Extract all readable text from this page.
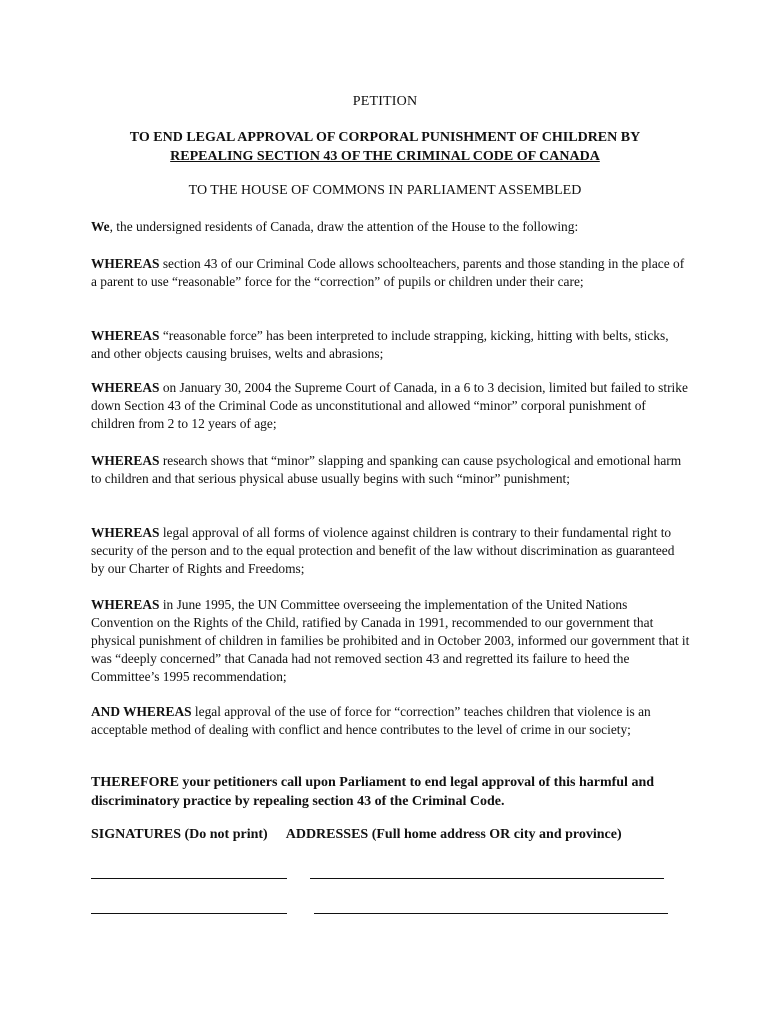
PETITION
TO END LEGAL APPROVAL OF CORPORAL PUNISHMENT OF CHILDREN BY
REPEALING SECTION 43 OF THE CRIMINAL CODE OF CANADA
TO THE HOUSE OF COMMONS IN PARLIAMENT ASSEMBLED

We, the undersigned residents of Canada, draw the attention of the House to the following:

WHEREAS section 43 of our Criminal Code allows schoolteachers, parents and those standing in the place of a parent to use “reasonable” force for the “correction” of pupils or children under their care;

WHEREAS “reasonable force” has been interpreted to include strapping, kicking, hitting with belts, sticks, and other objects causing bruises, welts and abrasions;

WHEREAS on January 30, 2004 the Supreme Court of Canada, in a 6 to 3 decision, limited but failed to strike down Section 43 of the Criminal Code as unconstitutional and allowed “minor” corporal punishment of children from 2 to 12 years of age;

WHEREAS research shows that “minor” slapping and spanking can cause psychological and emotional harm to children and that serious physical abuse usually begins with such “minor” punishment;

WHEREAS legal approval of all forms of violence against children is contrary to their fundamental right to security of the person and to the equal protection and benefit of the law without discrimination as guaranteed by our Charter of Rights and Freedoms;

WHEREAS in June 1995, the UN Committee overseeing the implementation of the United Nations Convention on the Rights of the Child, ratified by Canada in 1991, recommended to our government that physical punishment of children in families be prohibited and in October 2003, informed our government that it was “deeply concerned” that Canada had not removed section 43 and regretted its failure to heed the Committee’s 1995 recommendation;

AND WHEREAS legal approval of the use of force for “correction” teaches children that violence is an acceptable method of dealing with conflict and hence contributes to the level of crime in our society;

THEREFORE your petitioners call upon Parliament to end legal approval of this harmful and discriminatory practice by repealing section 43 of the Criminal Code.
SIGNATURES (Do not print) ADDRESSES (Full home address OR city and province)
